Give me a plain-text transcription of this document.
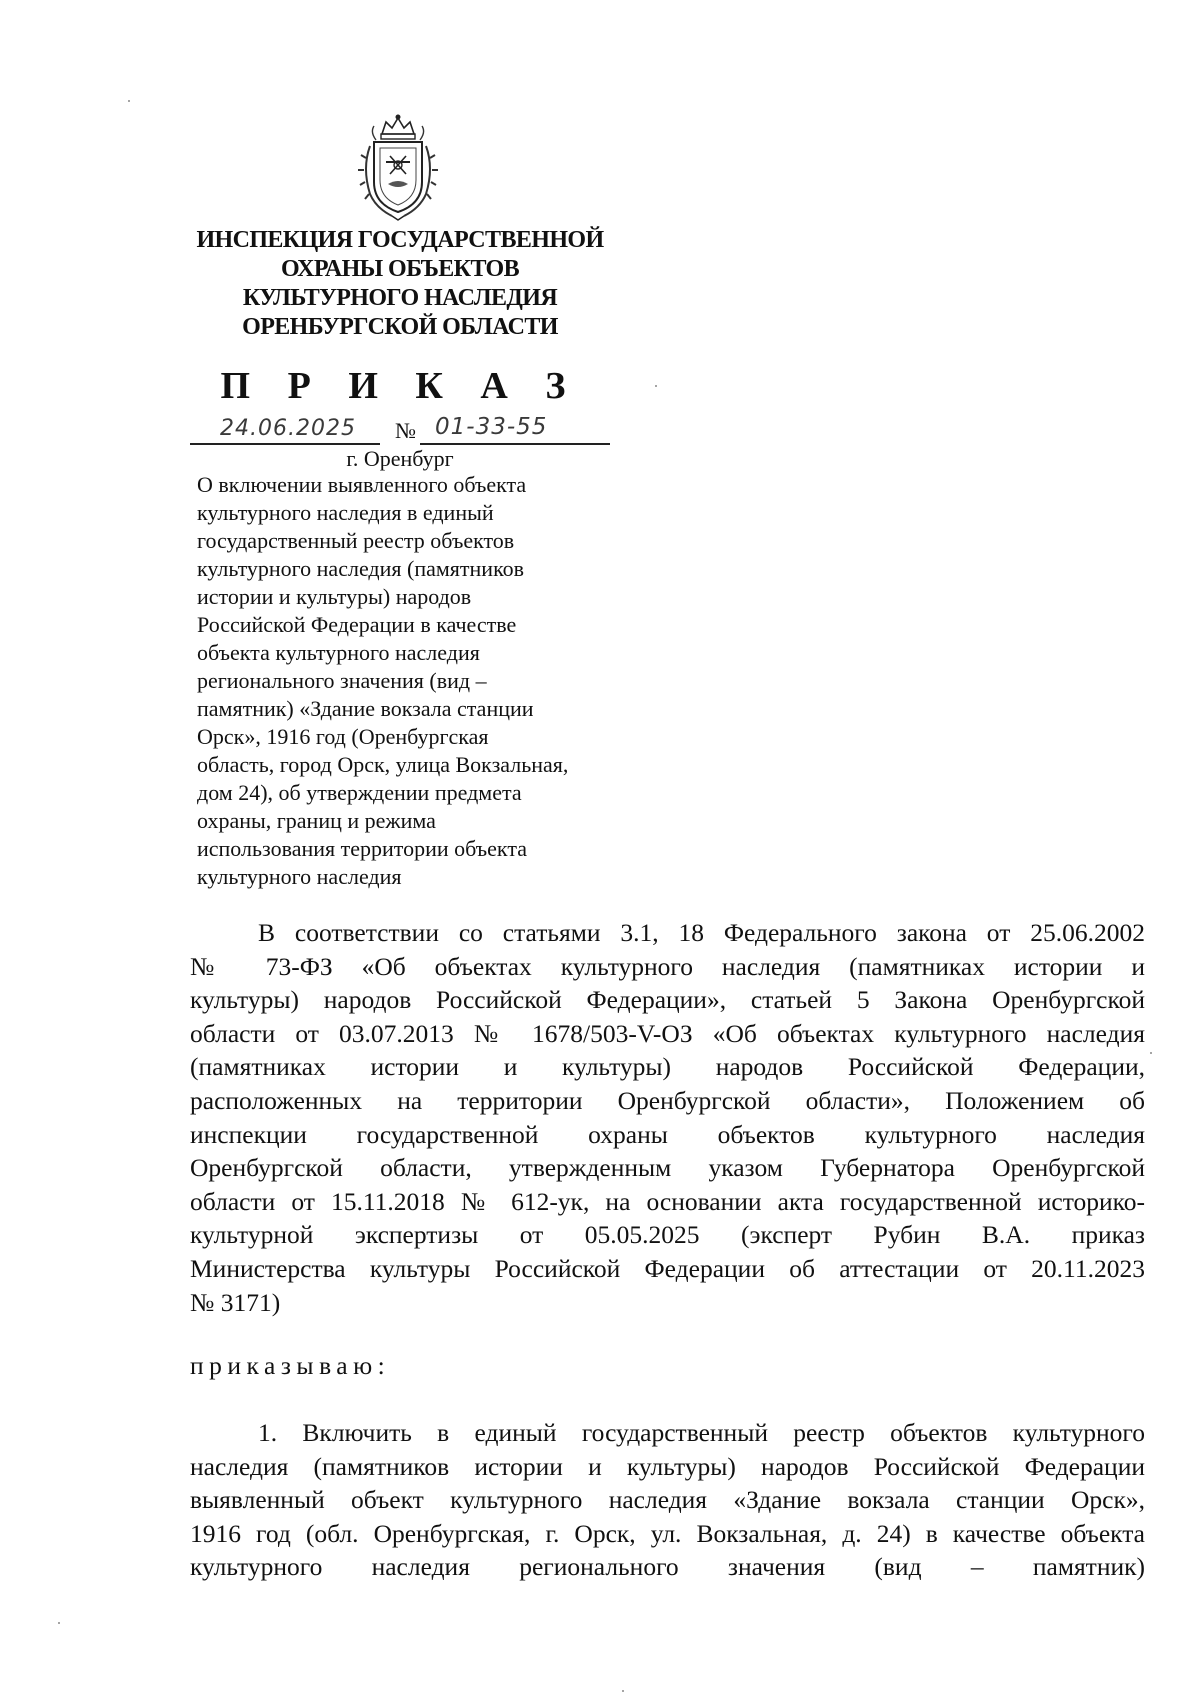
ИНСПЕКЦИЯ ГОСУДАРСТВЕННОЙ
ОХРАНЫ ОБЪЕКТОВ
КУЛЬТУРНОГО НАСЛЕДИЯ
ОРЕНБУРГСКОЙ ОБЛАСТИ
П Р И К А З
24.06.2025 № 01-33-55
г. Оренбург
О включении выявленного объекта
культурного наследия в единый
государственный реестр объектов
культурного наследия (памятников
истории и культуры) народов
Российской Федерации в качестве
объекта культурного наследия
регионального значения (вид –
памятник) «Здание вокзала станции
Орск», 1916 год (Оренбургская
область, город Орск, улица Вокзальная,
дом 24), об утверждении предмета
охраны, границ и режима
использования территории объекта
культурного наследия
В соответствии со статьями 3.1, 18 Федерального закона от 25.06.2002
№ 73-ФЗ «Об объектах культурного наследия (памятниках истории и
культуры) народов Российской Федерации», статьей 5 Закона Оренбургской
области от 03.07.2013 № 1678/503-V-ОЗ «Об объектах культурного наследия
(памятниках истории и культуры) народов Российской Федерации,
расположенных на территории Оренбургской области», Положением об
инспекции государственной охраны объектов культурного наследия
Оренбургской области, утвержденным указом Губернатора Оренбургской
области от 15.11.2018 № 612-ук, на основании акта государственной историко-
культурной экспертизы от 05.05.2025 (эксперт Рубин В.А. приказ
Министерства культуры Российской Федерации об аттестации от 20.11.2023
№ 3171)
приказываю:
1. Включить в единый государственный реестр объектов культурного
наследия (памятников истории и культуры) народов Российской Федерации
выявленный объект культурного наследия «Здание вокзала станции Орск»,
1916 год (обл. Оренбургская, г. Орск, ул. Вокзальная, д. 24) в качестве объекта
культурного наследия регионального значения (вид – памятник)
